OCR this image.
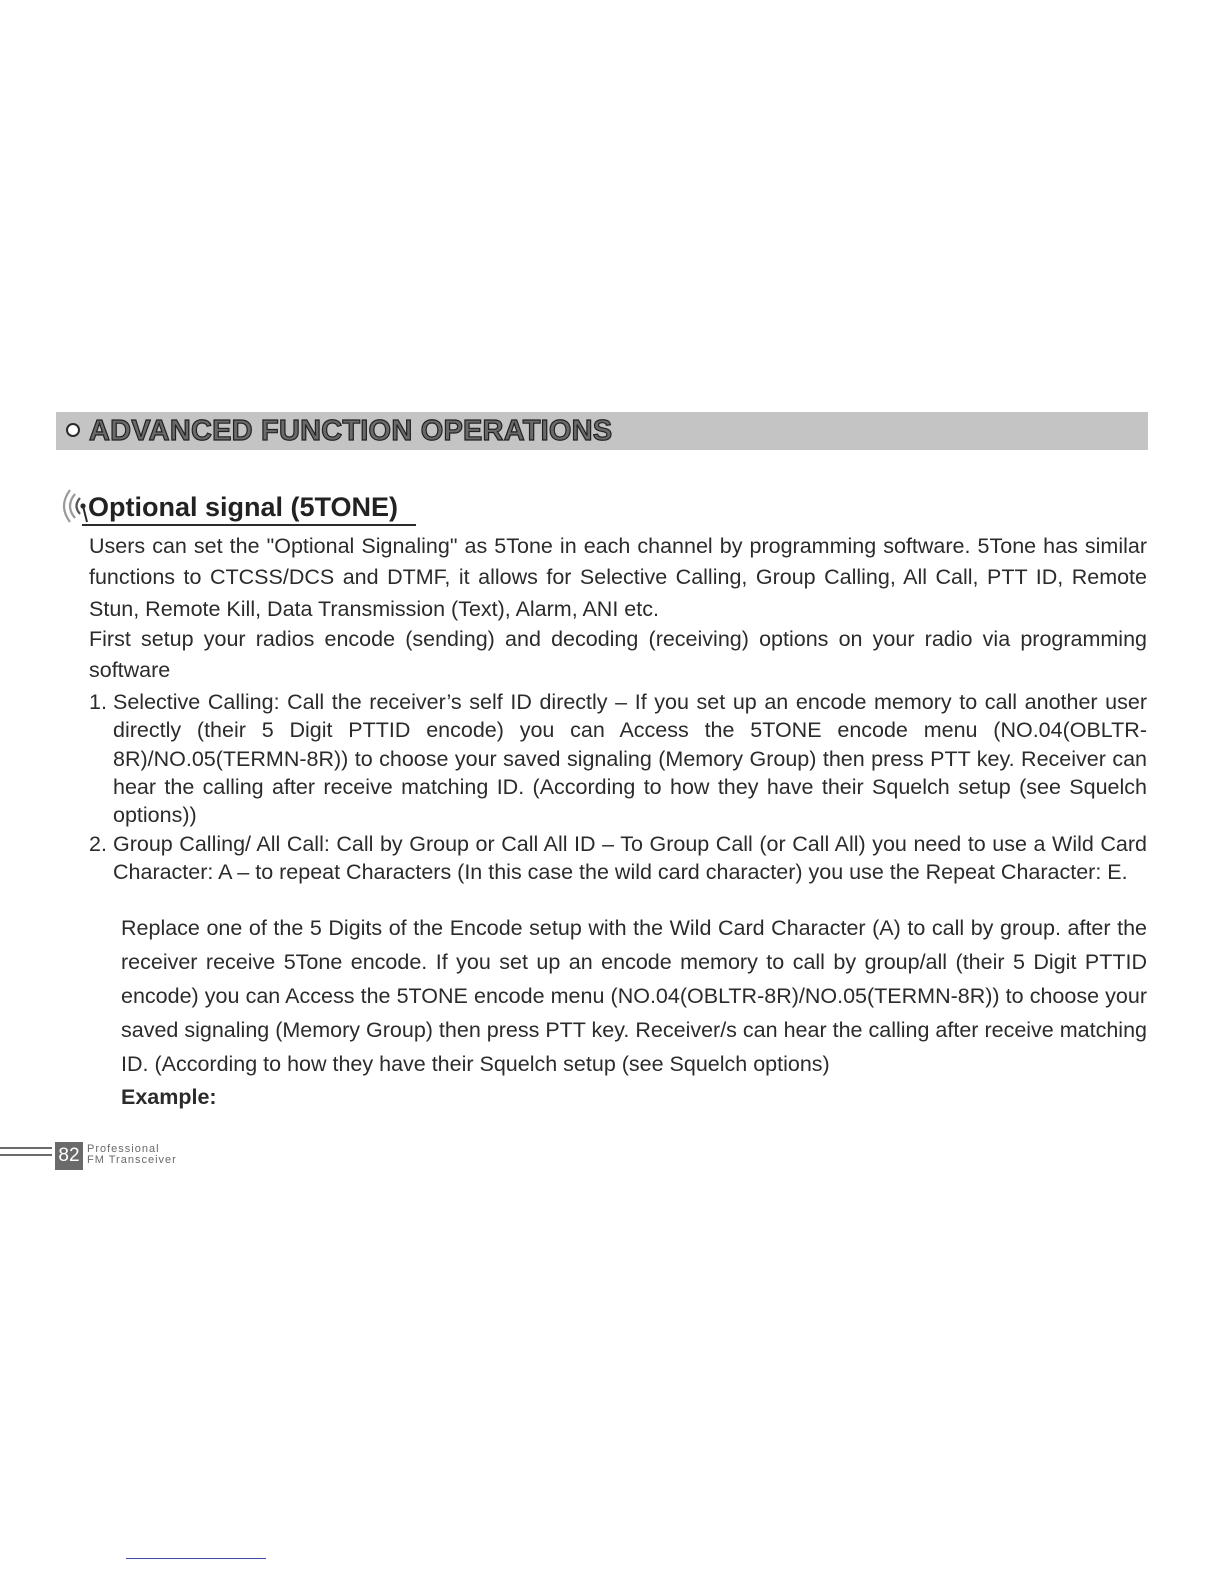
ADVANCED FUNCTION OPERATIONS
Optional signal (5TONE)

Users can set the "Optional Signaling" as 5Tone in each channel by programming software. 5Tone has similar functions to CTCSS/DCS and DTMF, it allows for Selective Calling, Group Calling, All Call, PTT ID, Remote Stun, Remote Kill, Data Transmission (Text), Alarm, ANI etc.

First setup your radios encode (sending) and decoding (receiving) options on your radio via programming software

1. Selective Calling: Call the receiver’s self ID directly – If you set up an encode memory to call another user directly (their 5 Digit PTTID encode) you can Access the 5TONE encode menu (NO.04(OBLTR-8R)/NO.05(TERMN-8R)) to choose your saved signaling (Memory Group) then press PTT key. Receiver can hear the calling after receive matching ID. (According to how they have their Squelch setup (see Squelch options))
2. Group Calling/ All Call: Call by Group or Call All ID – To Group Call (or Call All) you need to use a Wild Card Character: A – to repeat Characters (In this case the wild card character) you use the Repeat Character: E.

Replace one of the 5 Digits of the Encode setup with the Wild Card Character (A) to call by group. after the receiver receive 5Tone encode. If you set up an encode memory to call by group/all (their 5 Digit PTTID encode) you can Access the 5TONE encode menu (NO.04(OBLTR-8R)/NO.05(TERMN-8R)) to choose your saved signaling (Memory Group) then press PTT key. Receiver/s can hear the calling after receive matching ID. (According to how they have their Squelch setup (see Squelch options)

Example:
82 Professional
FM Transceiver
